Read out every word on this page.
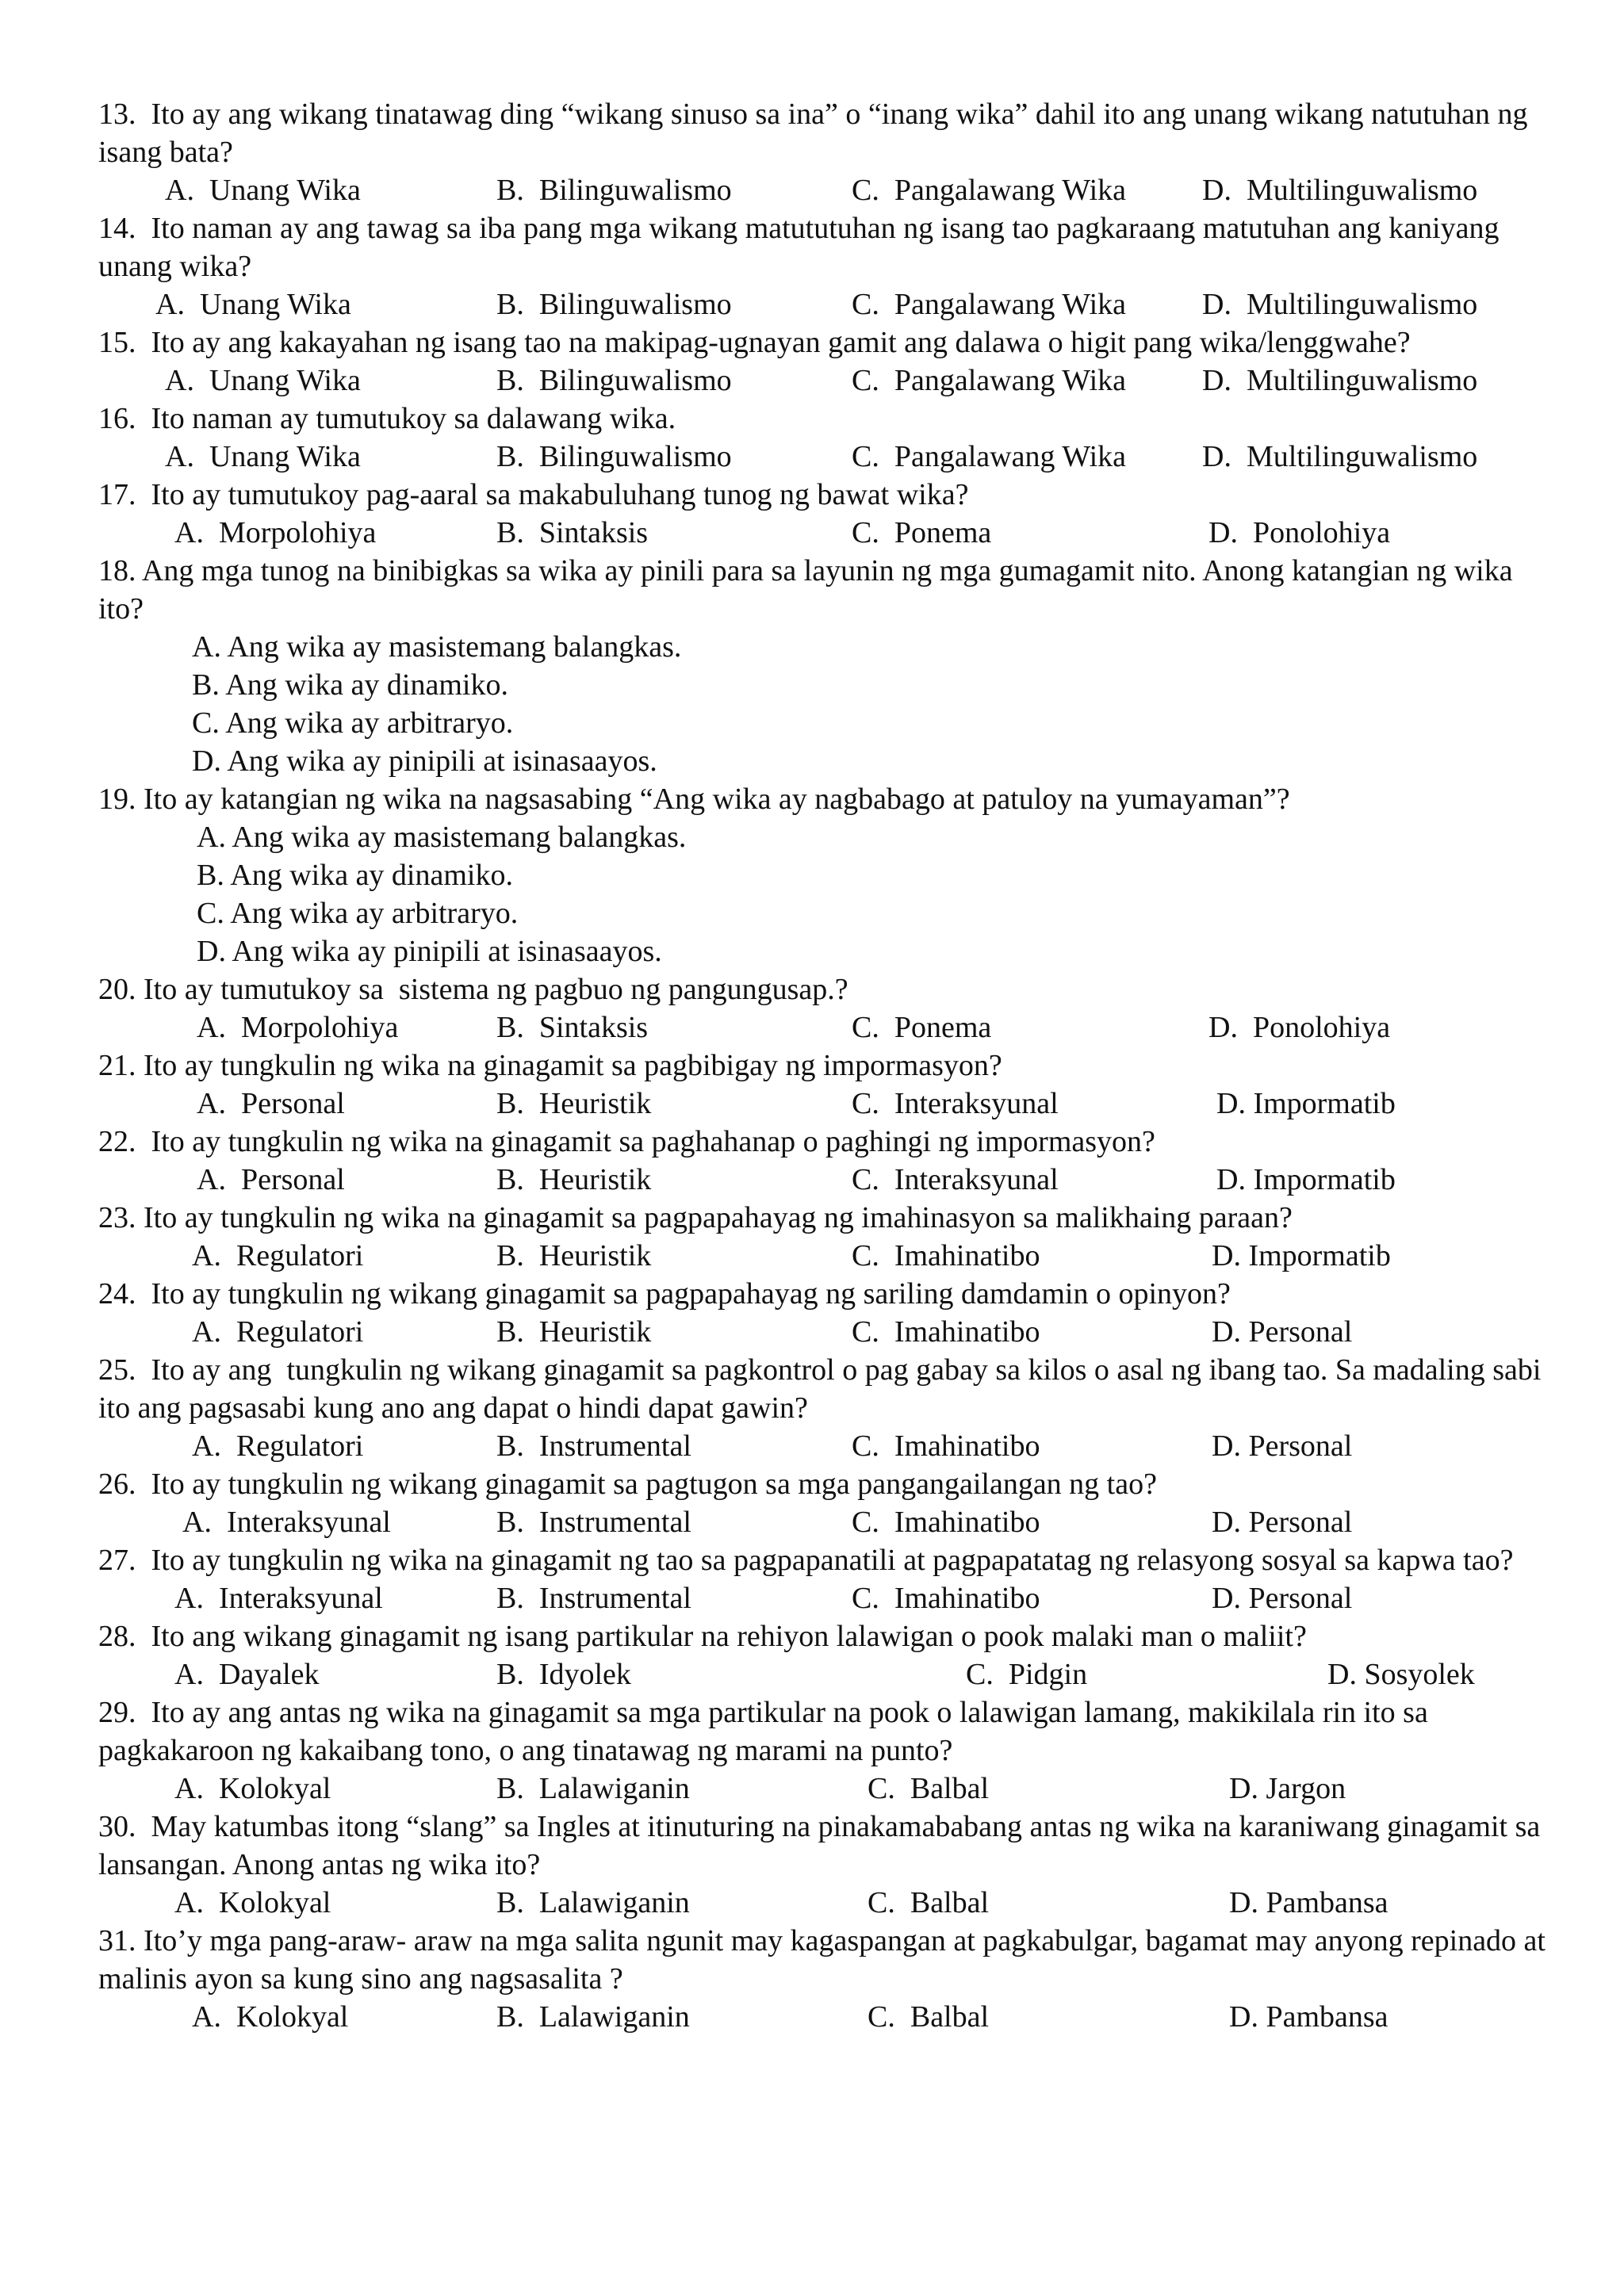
13. Ito ay ang wikang tinatawag ding “wikang sinuso sa ina” o “inang wika” dahil ito ang unang wikang natutuhan ng isang bata?
A.  Unang Wika	B.  Bilinguwalismo	C.  Pangalawang Wika	D.  Multilinguwalismo
14. Ito naman ay ang tawag sa iba pang mga wikang matututuhan ng isang tao pagkaraang matutuhan ang kaniyang unang wika?
A.  Unang Wika	B.  Bilinguwalismo	C.  Pangalawang Wika	D.  Multilinguwalismo
15. Ito ay ang kakayahan ng isang tao na makipag-ugnayan gamit ang dalawa o higit pang wika/lenggwahe?
A.  Unang Wika	B.  Bilinguwalismo	C.  Pangalawang Wika	D.  Multilinguwalismo
16. Ito naman ay tumutukoy sa dalawang wika.
A.  Unang Wika	B.  Bilinguwalismo	C.  Pangalawang Wika	D.  Multilinguwalismo
17. Ito ay tumutukoy pag-aaral sa makabuluhang tunog ng bawat wika?
A.  Morpolohiya	B.  Sintaksis	C.  Ponema	D.  Ponolohiya
18. Ang mga tunog na binibigkas sa wika ay pinili para sa layunin ng mga gumagamit nito. Anong katangian ng wika ito?
A. Ang wika ay masistemang balangkas.
B. Ang wika ay dinamiko.
C. Ang wika ay arbitraryo.
D. Ang wika ay pinipili at isinasaayos.
19. Ito ay katangian ng wika na nagsasabing “Ang wika ay nagbabago at patuloy na yumayaman”?
A. Ang wika ay masistemang balangkas.
B. Ang wika ay dinamiko.
C. Ang wika ay arbitraryo.
D. Ang wika ay pinipili at isinasaayos.
20. Ito ay tumutukoy sa  sistema ng pagbuo ng pangungusap.?
A.  Morpolohiya	B.  Sintaksis	C.  Ponema	D.  Ponolohiya
21. Ito ay tungkulin ng wika na ginagamit sa pagbibigay ng impormasyon?
A.  Personal	B.  Heuristik	C.  Interaksyunal	D. Impormatib
22. Ito ay tungkulin ng wika na ginagamit sa paghahanap o paghingi ng impormasyon?
A.  Personal	B.  Heuristik	C.  Interaksyunal	D. Impormatib
23. Ito ay tungkulin ng wika na ginagamit sa pagpapahayag ng imahinasyon sa malikhaing paraan?
A.  Regulatori	B.  Heuristik	C.  Imahinatibo	D. Impormatib
24. Ito ay tungkulin ng wikang ginagamit sa pagpapahayag ng sariling damdamin o opinyon?
A.  Regulatori	B.  Heuristik	C.  Imahinatibo	D. Personal
25. Ito ay ang  tungkulin ng wikang ginagamit sa pagkontrol o pag gabay sa kilos o asal ng ibang tao. Sa madaling sabi ito ang pagsasabi kung ano ang dapat o hindi dapat gawin?
A.  Regulatori	B.  Instrumental	C.  Imahinatibo	D. Personal
26. Ito ay tungkulin ng wikang ginagamit sa pagtugon sa mga pangangailangan ng tao?
A.  Interaksyunal	B.  Instrumental	C.  Imahinatibo	D. Personal
27. Ito ay tungkulin ng wika na ginagamit ng tao sa pagpapanatili at pagpapatatag ng relasyong sosyal sa kapwa tao?
A.  Interaksyunal	B.  Instrumental	C.  Imahinatibo	D. Personal
28. Ito ang wikang ginagamit ng isang partikular na rehiyon lalawigan o pook malaki man o maliit?
A.  Dayalek	B.  Idyolek	C.  Pidgin	D. Sosyolek
29. Ito ay ang antas ng wika na ginagamit sa mga partikular na pook o lalawigan lamang, makikilala rin ito sa pagkakaroon ng kakaibang tono, o ang tinatawag ng marami na punto?
A.  Kolokyal	B.  Lalawiganin	C.  Balbal	D. Jargon
30. May katumbas itong “slang” sa Ingles at itinuturing na pinakamababang antas ng wika na karaniwang ginagamit sa lansangan. Anong antas ng wika ito?
A.  Kolokyal	B.  Lalawiganin	C.  Balbal	D. Pambansa
31. Ito’y mga pang-araw- araw na mga salita ngunit may kagaspangan at pagkabulgar, bagamat may anyong repinado at malinis ayon sa kung sino ang nagsasalita ?
A.  Kolokyal	B.  Lalawiganin	C.  Balbal	D. Pambansa
